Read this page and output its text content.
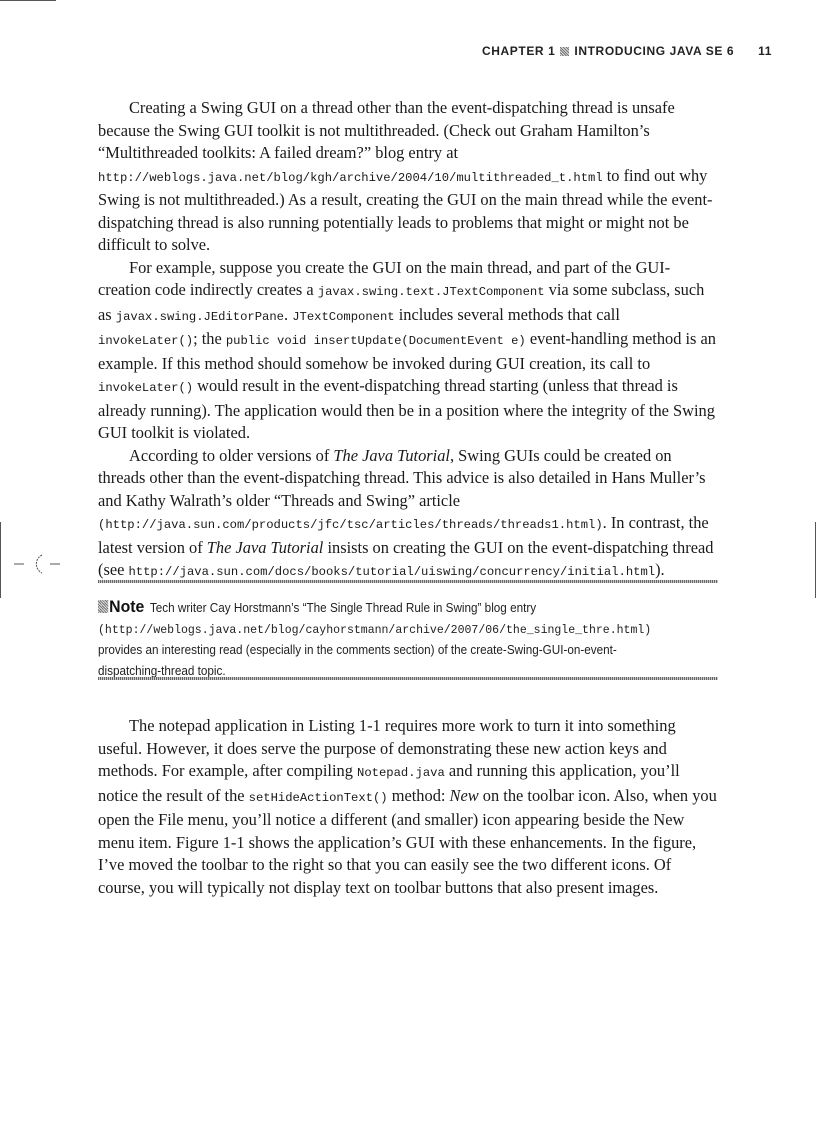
CHAPTER 1 INTRODUCING JAVA SE 6 11

Creating a Swing GUI on a thread other than the event-dispatching thread is unsafe because the Swing GUI toolkit is not multithreaded. (Check out Graham Hamilton’s “Multithreaded toolkits: A failed dream?” blog entry at http://weblogs.java.net/blog/kgh/archive/2004/10/multithreaded_t.html to find out why Swing is not multithreaded.) As a result, creating the GUI on the main thread while the event-dispatching thread is also running potentially leads to problems that might or might not be difficult to solve.

For example, suppose you create the GUI on the main thread, and part of the GUI-creation code indirectly creates a javax.swing.text.JTextComponent via some subclass, such as javax.swing.JEditorPane. JTextComponent includes several methods that call invokeLater(); the public void insertUpdate(DocumentEvent e) event-handling method is an example. If this method should somehow be invoked during GUI creation, its call to invokeLater() would result in the event-dispatching thread starting (unless that thread is already running). The application would then be in a position where the integrity of the Swing GUI toolkit is violated.

According to older versions of The Java Tutorial, Swing GUIs could be created on threads other than the event-dispatching thread. This advice is also detailed in Hans Muller’s and Kathy Walrath’s older “Threads and Swing” article (http://java.sun.com/products/jfc/tsc/articles/threads/threads1.html). In contrast, the latest version of The Java Tutorial insists on creating the GUI on the event-dispatching thread (see http://java.sun.com/docs/books/tutorial/uiswing/concurrency/initial.html).

Note Tech writer Cay Horstmann’s “The Single Thread Rule in Swing” blog entry (http://weblogs.java.net/blog/cayhorstmann/archive/2007/06/the_single_thre.html) provides an interesting read (especially in the comments section) of the create-Swing-GUI-on-event-dispatching-thread topic.

The notepad application in Listing 1-1 requires more work to turn it into something useful. However, it does serve the purpose of demonstrating these new action keys and methods. For example, after compiling Notepad.java and running this application, you’ll notice the result of the setHideActionText() method: New on the toolbar icon. Also, when you open the File menu, you’ll notice a different (and smaller) icon appearing beside the New menu item. Figure 1-1 shows the application’s GUI with these enhancements. In the figure, I’ve moved the toolbar to the right so that you can easily see the two different icons. Of course, you will typically not display text on toolbar buttons that also present images.
